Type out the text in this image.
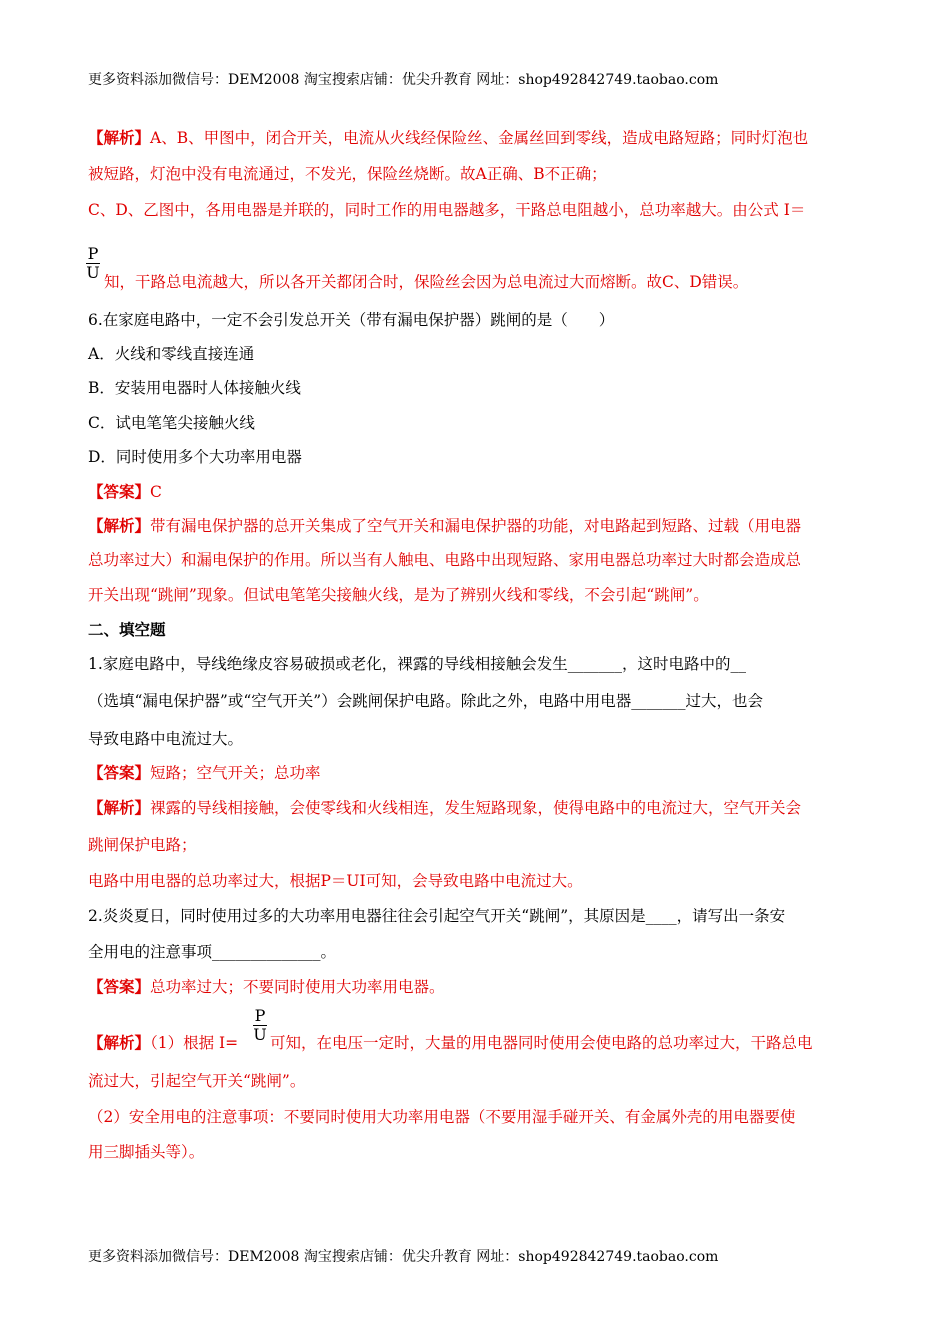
更多资料添加微信号：DEM2008 淘宝搜索店铺：优尖升教育 网址：shop492842749.taobao.com
【解析】A、B、甲图中，闭合开关，电流从火线经保险丝、金属丝回到零线，造成电路短路；同时灯泡也
被短路，灯泡中没有电流通过，不发光，保险丝烧断。故A正确、B不正确；
C、D、乙图中，各用电器是并联的，同时工作的用电器越多，干路总电阻越小，总功率越大。由公式 I＝
$\frac{P}{U}$ 知，干路总电流越大，所以各开关都闭合时，保险丝会因为总电流过大而熔断。故C、D错误。
6.在家庭电路中，一定不会引发总开关（带有漏电保护器）跳闸的是（　　）
A．火线和零线直接连通
B．安装用电器时人体接触火线
C．试电笔笔尖接触火线
D．同时使用多个大功率用电器
【答案】C
【解析】带有漏电保护器的总开关集成了空气开关和漏电保护器的功能，对电路起到短路、过载（用电器
总功率过大）和漏电保护的作用。所以当有人触电、电路中出现短路、家用电器总功率过大时都会造成总
开关出现“跳闸”现象。但试电笔笔尖接触火线，是为了辨别火线和零线，不会引起“跳闸”。
二、填空题
1.家庭电路中，导线绝缘皮容易破损或老化，裸露的导线相接触会发生_______，这时电路中的__
（选填“漏电保护器”或“空气开关”）会跳闸保护电路。除此之外，电路中用电器_______过大，也会
导致电路中电流过大。
【答案】短路；空气开关；总功率
【解析】裸露的导线相接触，会使零线和火线相连，发生短路现象，使得电路中的电流过大，空气开关会
跳闸保护电路；
电路中用电器的总功率过大，根据P＝UI可知，会导致电路中电流过大。
2.炎炎夏日，同时使用过多的大功率用电器往往会引起空气开关“跳闸”，其原因是____，请写出一条安
全用电的注意事项______________。
【答案】总功率过大；不要同时使用大功率用电器。
【解析】（1）根据 $I= \frac{P}{U}$ 可知，在电压一定时，大量的用电器同时使用会使电路的总功率过大，干路总电
流过大，引起空气开关“跳闸”。
（2）安全用电的注意事项：不要同时使用大功率用电器（不要用湿手碰开关、有金属外壳的用电器要使
用三脚插头等）。
更多资料添加微信号：DEM2008 淘宝搜索店铺：优尖升教育 网址：shop492842749.taobao.com
